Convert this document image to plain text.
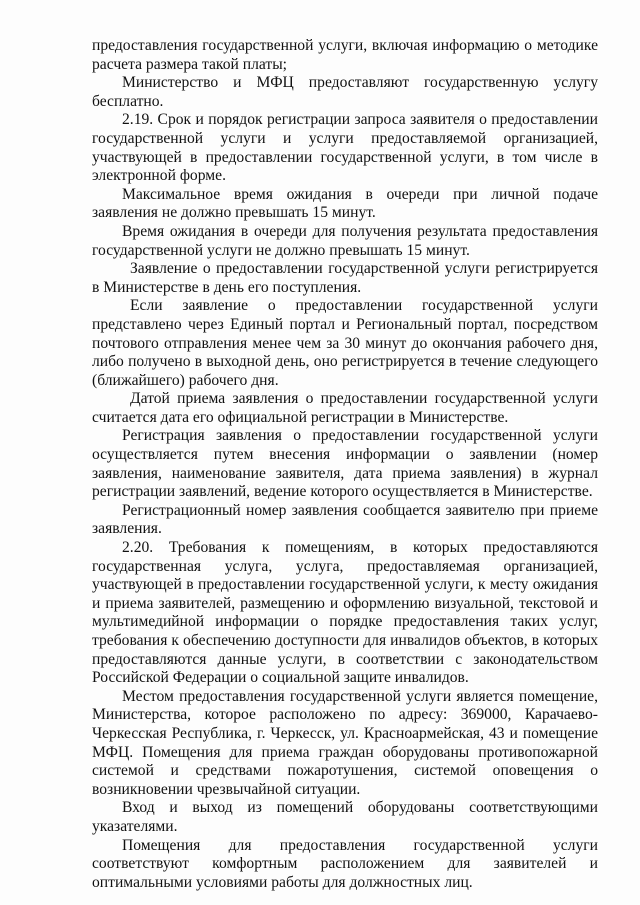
предоставления государственной услуги, включая информацию о методике расчета размера такой платы;

Министерство и МФЦ предоставляют государственную услугу бесплатно.

2.19. Срок и порядок регистрации запроса заявителя о предоставлении государственной услуги и услуги предоставляемой организацией, участвующей в предоставлении государственной услуги, в том числе в электронной форме.

Максимальное время ожидания в очереди при личной подаче заявления не должно превышать 15 минут.

Время ожидания в очереди для получения результата предоставления государственной услуги не должно превышать 15 минут.

Заявление о предоставлении государственной услуги регистрируется в Министерстве в день его поступления.

Если заявление о предоставлении государственной услуги представлено через Единый портал и Региональный портал, посредством почтового отправления менее чем за 30 минут до окончания рабочего дня, либо получено в выходной день, оно регистрируется в течение следующего (ближайшего) рабочего дня.

Датой приема заявления о предоставлении государственной услуги считается дата его официальной регистрации в Министерстве.

Регистрация заявления о предоставлении государственной услуги осуществляется путем внесения информации о заявлении (номер заявления, наименование заявителя, дата приема заявления) в журнал регистрации заявлений, ведение которого осуществляется в Министерстве.

Регистрационный номер заявления сообщается заявителю при приеме заявления.

2.20. Требования к помещениям, в которых предоставляются государственная услуга, услуга, предоставляемая организацией, участвующей в предоставлении государственной услуги, к месту ожидания и приема заявителей, размещению и оформлению визуальной, текстовой и мультимедийной информации о порядке предоставления таких услуг, требования к обеспечению доступности для инвалидов объектов, в которых предоставляются данные услуги, в соответствии с законодательством Российской Федерации о социальной защите инвалидов.

Местом предоставления государственной услуги является помещение, Министерства, которое расположено по адресу: 369000, Карачаево-Черкесская Республика, г. Черкесск, ул. Красноармейская, 43 и помещение МФЦ. Помещения для приема граждан оборудованы противопожарной системой и средствами пожаротушения, системой оповещения о возникновении чрезвычайной ситуации.

Вход и выход из помещений оборудованы соответствующими указателями.

Помещения для предоставления государственной услуги соответствуют комфортным расположением для заявителей и оптимальными условиями работы для должностных лиц.
